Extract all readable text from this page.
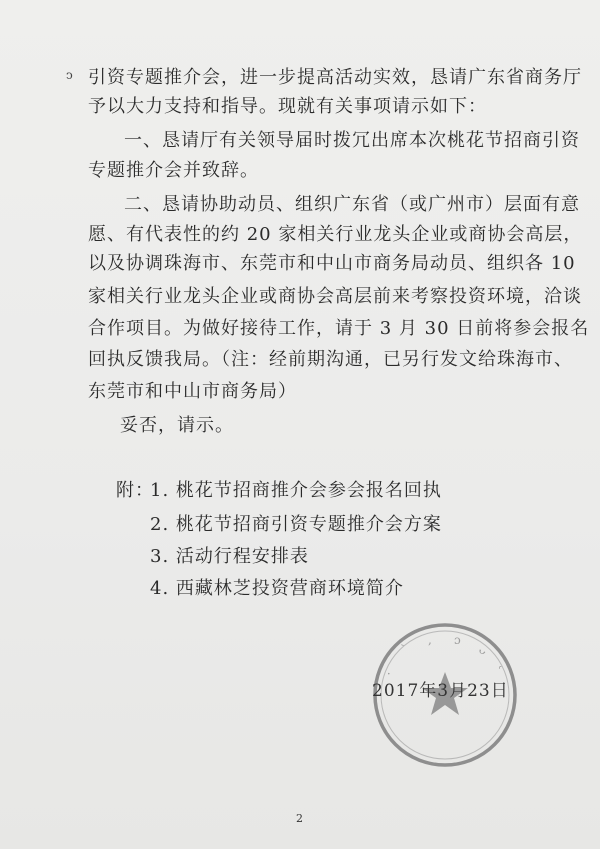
ↄ 引资专题推介会，进一步提高活动实效，恳请广东省商务厅
予以大力支持和指导。现就有关事项请示如下：
一、恳请厅有关领导届时拨冗出席本次桃花节招商引资
专题推介会并致辞。
二、恳请协助动员、组织广东省（或广州市）层面有意
愿、有代表性的约 20 家相关行业龙头企业或商协会高层，
以及协调珠海市、东莞市和中山市商务局动员、组织各 10
家相关行业龙头企业或商协会高层前来考察投资环境，洽谈
合作项目。为做好接待工作，请于 3 月 30 日前将参会报名
回执反馈我局。（注：经前期沟通，已另行发文给珠海市、
东莞市和中山市商务局）
妥否，请示。
附：
1. 桃花节招商推介会参会报名回执
2. 桃花节招商引资专题推介会方案
3. 活动行程安排表
4. 西藏林芝投资营商环境简介
·
ˋ
, ɔ
ᴗ
ʿ
2017年3月23日
2
